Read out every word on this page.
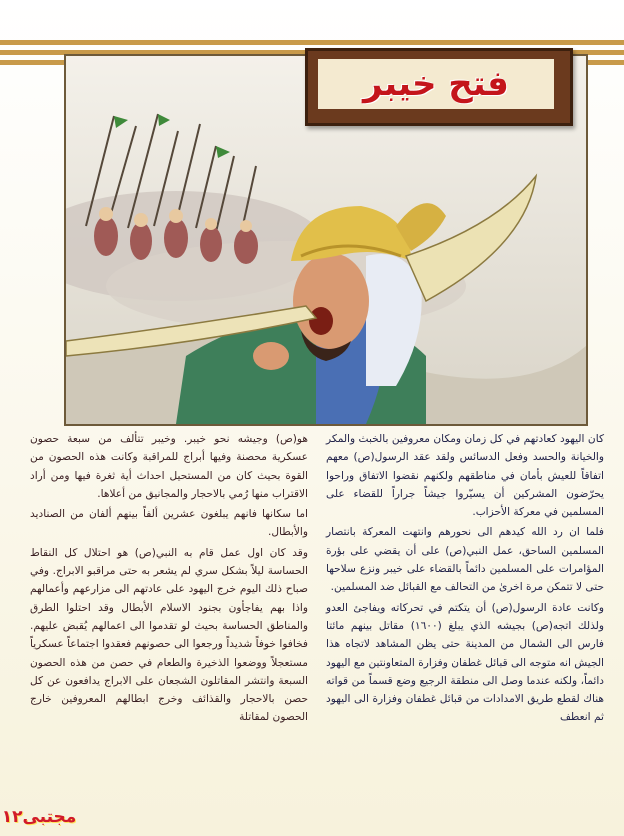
فتح خيبر

كان اليهود كعادتهم في كل زمان ومكان معروفين بالخبث والمكر والخيانة والحسد وفعل الدسائس ولقد عقد الرسول(ص) معهم اتفاقاً للعيش بأمان في مناطقهم ولكنهم نقضوا الاتفاق وراحوا يحرّضون المشركين أن يسيّروا جيشاً جراراً للقضاء على المسلمين في معركة الأحزاب.

فلما ان رد الله كيدهم الى نحورهم وانتهت المعركة بانتصار المسلمين الساحق، عمل النبي(ص) على أن يقضي على بؤرة المؤامرات على المسلمين دائماً بالقضاء على خيبر ونزع سلاحها حتى لا تتمكن مرة اخرىٰ من التحالف مع القبائل ضد المسلمين.

وكانت عادة الرسول(ص) أن يتكتم في تحركاته ويفاجئ العدو ولذلك اتجه(ص) بجيشه الذي يبلغ (١٦٠٠) مقاتل بينهم مائتا فارس الى الشمال من المدينة حتى يظن المشاهد لاتجاه هذا الجيش انه متوجه الى قبائل غطفان وفزارة المتعاونتين مع اليهود دائماً، ولكنه عندما وصل الى منطقة الرجيع وضع قسماً من قواته هناك لقطع طريق الامدادات من قبائل غطفان وفزارة الى اليهود ثم انعطف

هو(ص) وجيشه نحو خيبر. وخيبر تتألف من سبعة حصون عسكرية محصنة وفيها أبراج للمراقبة وكانت هذه الحصون من القوة بحيث كان من المستحيل احداث أية ثغرة فيها ومن أراد الاقتراب منها رُمي بالاحجار والمجانيق من أعلاها.

اما سكانها فانهم يبلغون عشرين ألفاً بينهم ألفان من الصناديد والأبطال.

وقد كان اول عمل قام به النبي(ص) هو احتلال كل النقاط الحساسة ليلاً بشكل سري لم يشعر به حتى مراقبو الابراج. وفي صباح ذلك اليوم خرج اليهود على عادتهم الى مزارعهم وأعمالهم واذا بهم يفاجأون بجنود الاسلام الأبطال وقد احتلوا الطرق والمناطق الحساسة بحيث لو تقدموا الى اعمالهم يُقبض عليهم. فخافوا خوفاً شديداً ورجعوا الى حصونهم فعقدوا اجتماعاً عسكرياً مستعجلاً ووضعوا الذخيرة والطعام في حصن من هذه الحصون السبعة وانتشر المقاتلون الشجعان على الابراج يدافعون عن كل حصن بالاحجار والقذائف وخرج ابطالهم المعروفين خارج الحصون لمقاتلة

مجتبى
١٢
